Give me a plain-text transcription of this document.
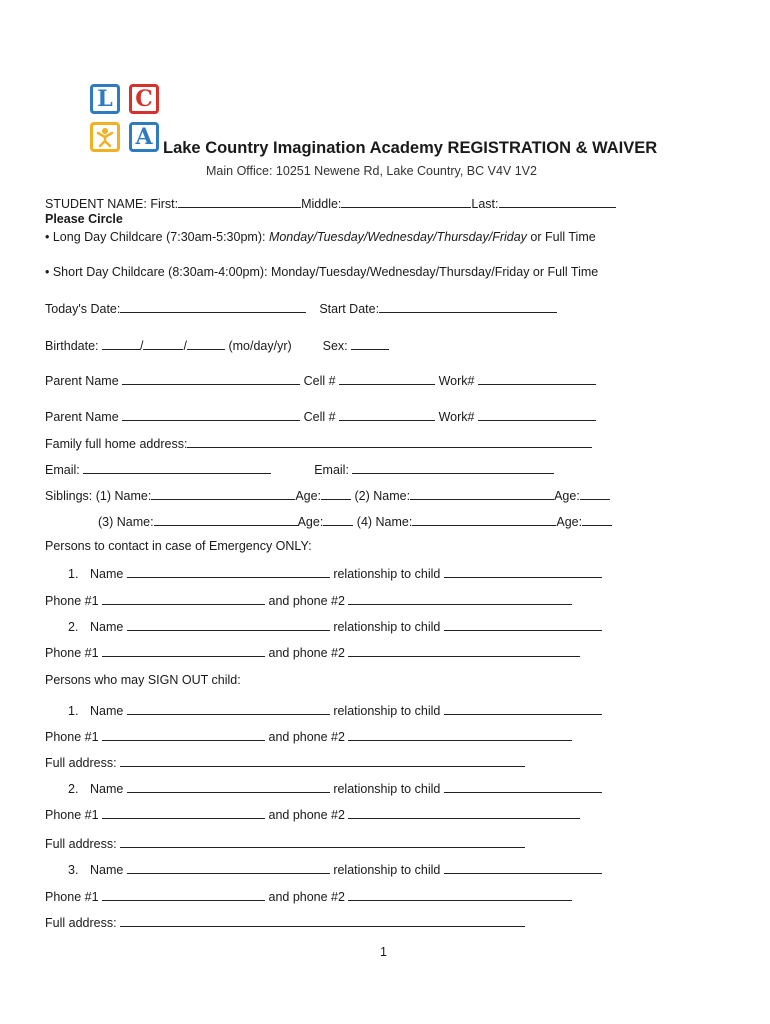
L	C
A Lake Country Imagination Academy REGISTRATION & WAIVER
Main Office: 10251 Newene Rd, Lake Country, BC V4V 1V2
STUDENT NAME: First:	Middle:	Last:
Please Circle
• Long Day Childcare (7:30am-5:30pm): Monday/Tuesday/Wednesday/Thursday/Friday or Full Time
• Short Day Childcare (8:30am-4:00pm): Monday/Tuesday/Wednesday/Thursday/Friday or Full Time
Today's Date:	Start Date:
Birthdate:	/	/	(mo/day/yr) Sex:
Parent Name	Cell #	Work#
Parent Name	Cell #	Work#
Family full home address:
Email:	Email:
Siblings: (1) Name:	Age:	(2) Name:	Age:
(3) Name:	Age:	(4) Name:	Age:
Persons to contact in case of Emergency ONLY:
1. Name	relationship to child
Phone #1	and phone #2
2. Name	relationship to child
Phone #1	and phone #2
Persons who may SIGN OUT child:
1. Name	relationship to child
Phone #1	and phone #2
Full address:
2. Name	relationship to child
Phone #1	and phone #2
Full address:
3. Name	relationship to child
Phone #1	and phone #2
Full address:
1
